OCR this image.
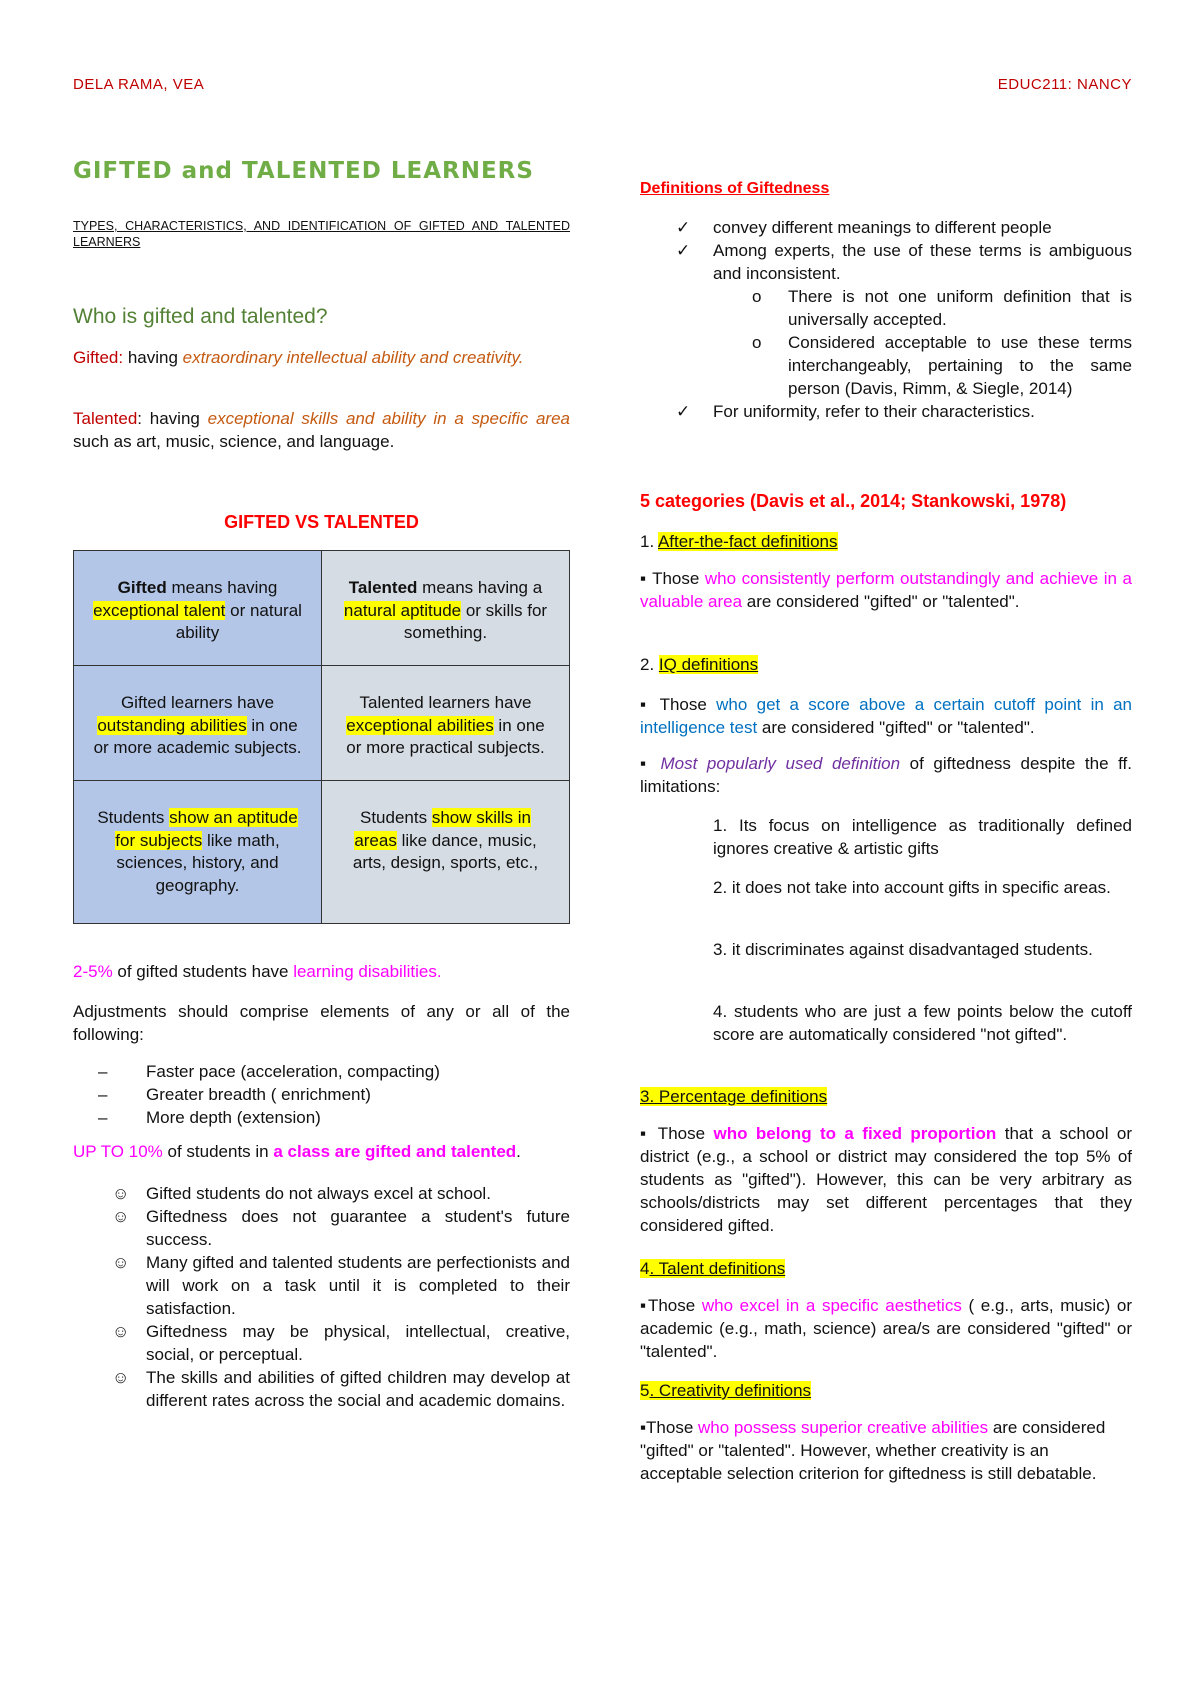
DELA RAMA, VEA	EDUC211: NANCY
GIFTED and TALENTED LEARNERS
TYPES, CHARACTERISTICS, AND IDENTIFICATION OF GIFTED AND TALENTED LEARNERS
Who is gifted and talented?
Gifted: having extraordinary intellectual ability and creativity.
Talented: having exceptional skills and ability in a specific area such as art, music, science, and language.
GIFTED VS TALENTED
Gifted means having exceptional talent or natural ability	Talented means having a natural aptitude or skills for something.
Gifted learners have outstanding abilities in one or more academic subjects.	Talented learners have exceptional abilities in one or more practical subjects.
Students show an aptitude for subjects like math, sciences, history, and geography.	Students show skills in areas like dance, music, arts, design, sports, etc.,
2-5% of gifted students have learning disabilities.
Adjustments should comprise elements of any or all of the following:
– Faster pace (acceleration, compacting)
– Greater breadth ( enrichment)
– More depth (extension)
UP TO 10% of students in a class are gifted and talented.
☺ Gifted students do not always excel at school.
☺ Giftedness does not guarantee a student's future success.
☺ Many gifted and talented students are perfectionists and will work on a task until it is completed to their satisfaction.
☺ Giftedness may be physical, intellectual, creative, social, or perceptual.
☺ The skills and abilities of gifted children may develop at different rates across the social and academic domains.
Definitions of Giftedness
✓ convey different meanings to different people
✓ Among experts, the use of these terms is ambiguous and inconsistent.
o There is not one uniform definition that is universally accepted.
o Considered acceptable to use these terms interchangeably, pertaining to the same person (Davis, Rimm, & Siegle, 2014)
✓ For uniformity, refer to their characteristics.
5 categories (Davis et al., 2014; Stankowski, 1978)
1. After-the-fact definitions
▪ Those who consistently perform outstandingly and achieve in a valuable area are considered "gifted" or "talented".
2. IQ definitions
▪ Those who get a score above a certain cutoff point in an intelligence test are considered "gifted" or "talented".
▪ Most popularly used definition of giftedness despite the ff. limitations:
1. Its focus on intelligence as traditionally defined ignores creative & artistic gifts
2. it does not take into account gifts in specific areas.
3. it discriminates against disadvantaged students.
4. students who are just a few points below the cutoff score are automatically considered "not gifted".
3. Percentage definitions
▪ Those who belong to a fixed proportion that a school or district (e.g., a school or district may considered the top 5% of students as "gifted"). However, this can be very arbitrary as schools/districts may set different percentages that they considered gifted.
4. Talent definitions
▪Those who excel in a specific aesthetics ( e.g., arts, music) or academic (e.g., math, science) area/s are considered "gifted" or "talented".
5. Creativity definitions
▪Those who possess superior creative abilities are considered "gifted" or "talented". However, whether creativity is an acceptable selection criterion for giftedness is still debatable.
